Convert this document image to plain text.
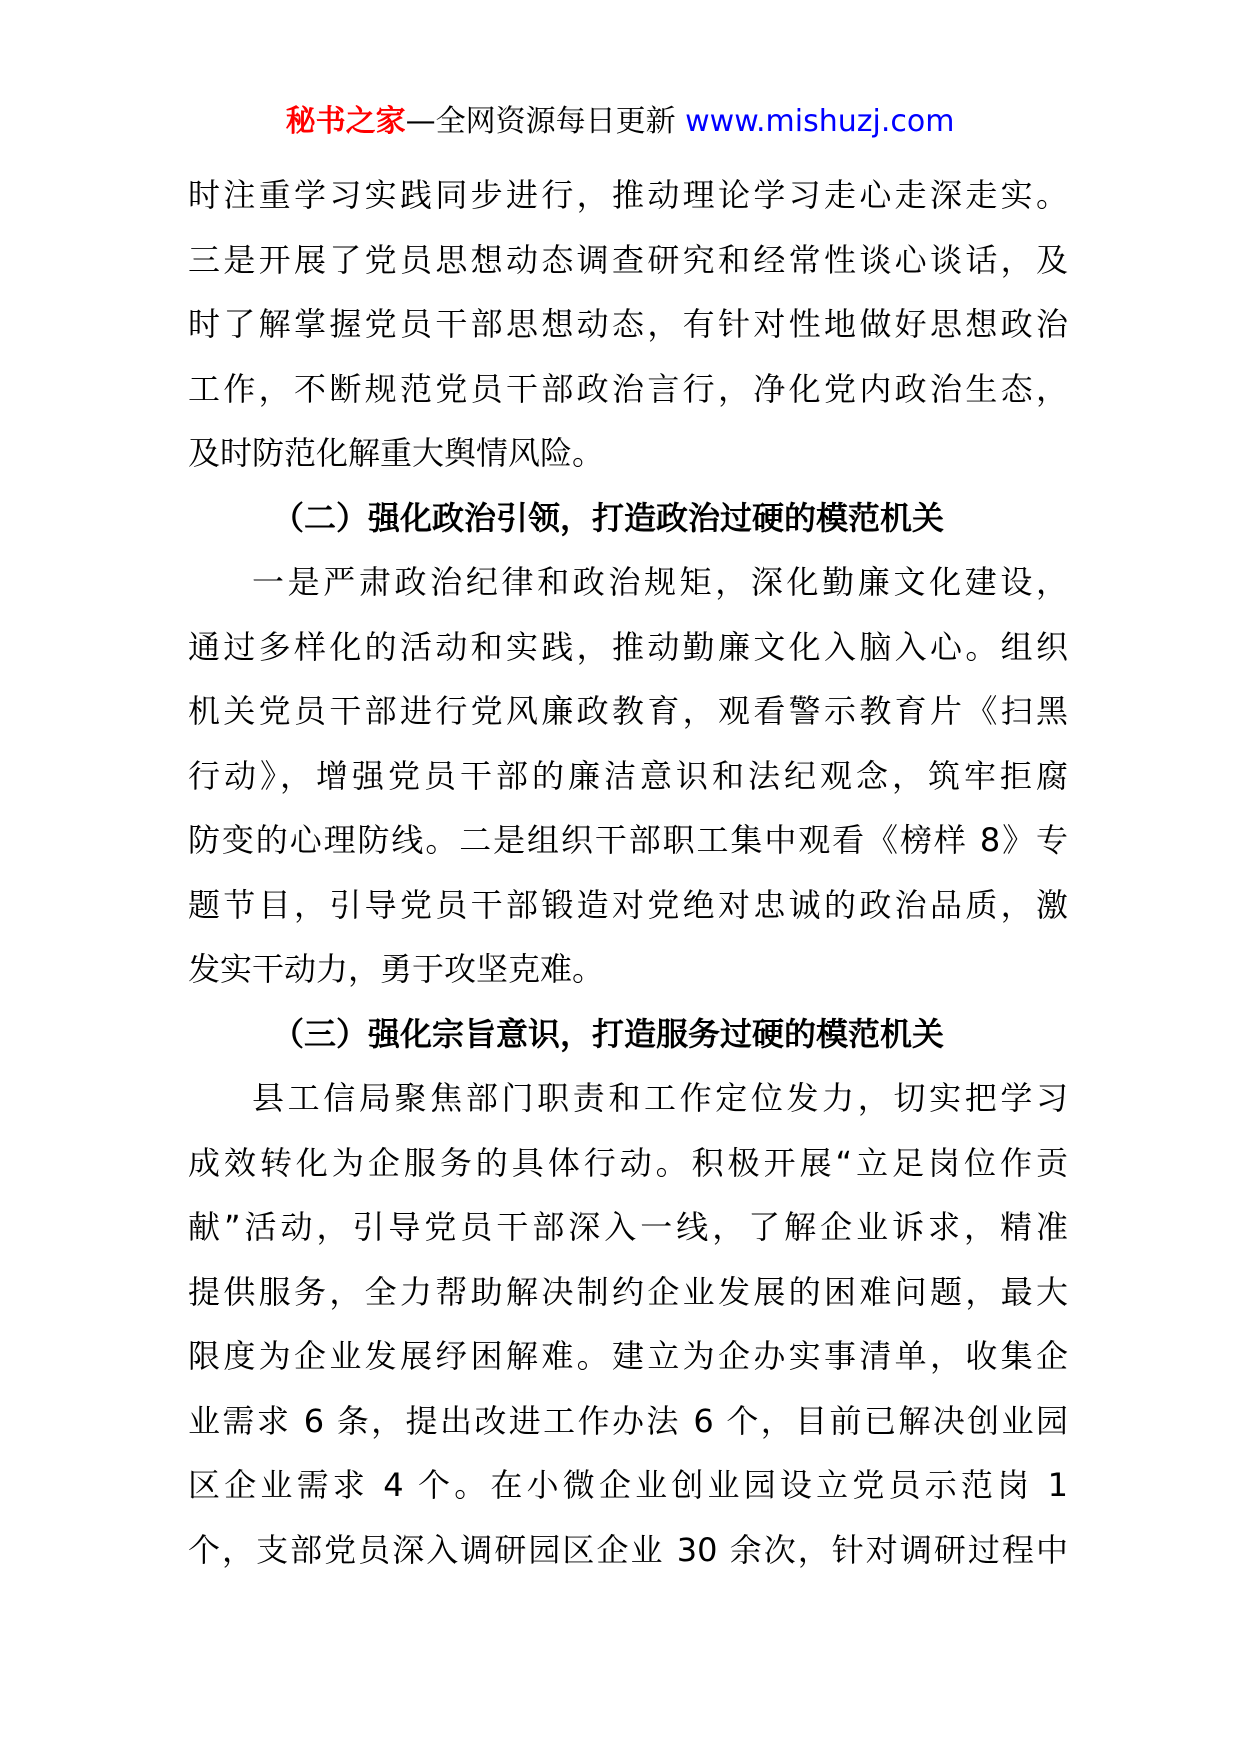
秘书之家—全网资源每日更新 www.mishuzj.com
时注重学习实践同步进行，推动理论学习走心走深走实。
三是开展了党员思想动态调查研究和经常性谈心谈话，及
时了解掌握党员干部思想动态，有针对性地做好思想政治
工作，不断规范党员干部政治言行，净化党内政治生态，
及时防范化解重大舆情风险。
（二）强化政治引领，打造政治过硬的模范机关
一是严肃政治纪律和政治规矩，深化勤廉文化建设，
通过多样化的活动和实践，推动勤廉文化入脑入心。组织
机关党员干部进行党风廉政教育，观看警示教育片《扫黑
行动》，增强党员干部的廉洁意识和法纪观念，筑牢拒腐
防变的心理防线。二是组织干部职工集中观看《榜样 8》专
题节目，引导党员干部锻造对党绝对忠诚的政治品质，激
发实干动力，勇于攻坚克难。
（三）强化宗旨意识，打造服务过硬的模范机关
县工信局聚焦部门职责和工作定位发力，切实把学习
成效转化为企服务的具体行动。积极开展“立足岗位作贡
献”活动，引导党员干部深入一线，了解企业诉求，精准
提供服务，全力帮助解决制约企业发展的困难问题，最大
限度为企业发展纾困解难。建立为企办实事清单，收集企
业需求 6 条，提出改进工作办法 6 个，目前已解决创业园
区企业需求 4 个。在小微企业创业园设立党员示范岗 1
个，支部党员深入调研园区企业 30 余次，针对调研过程中
